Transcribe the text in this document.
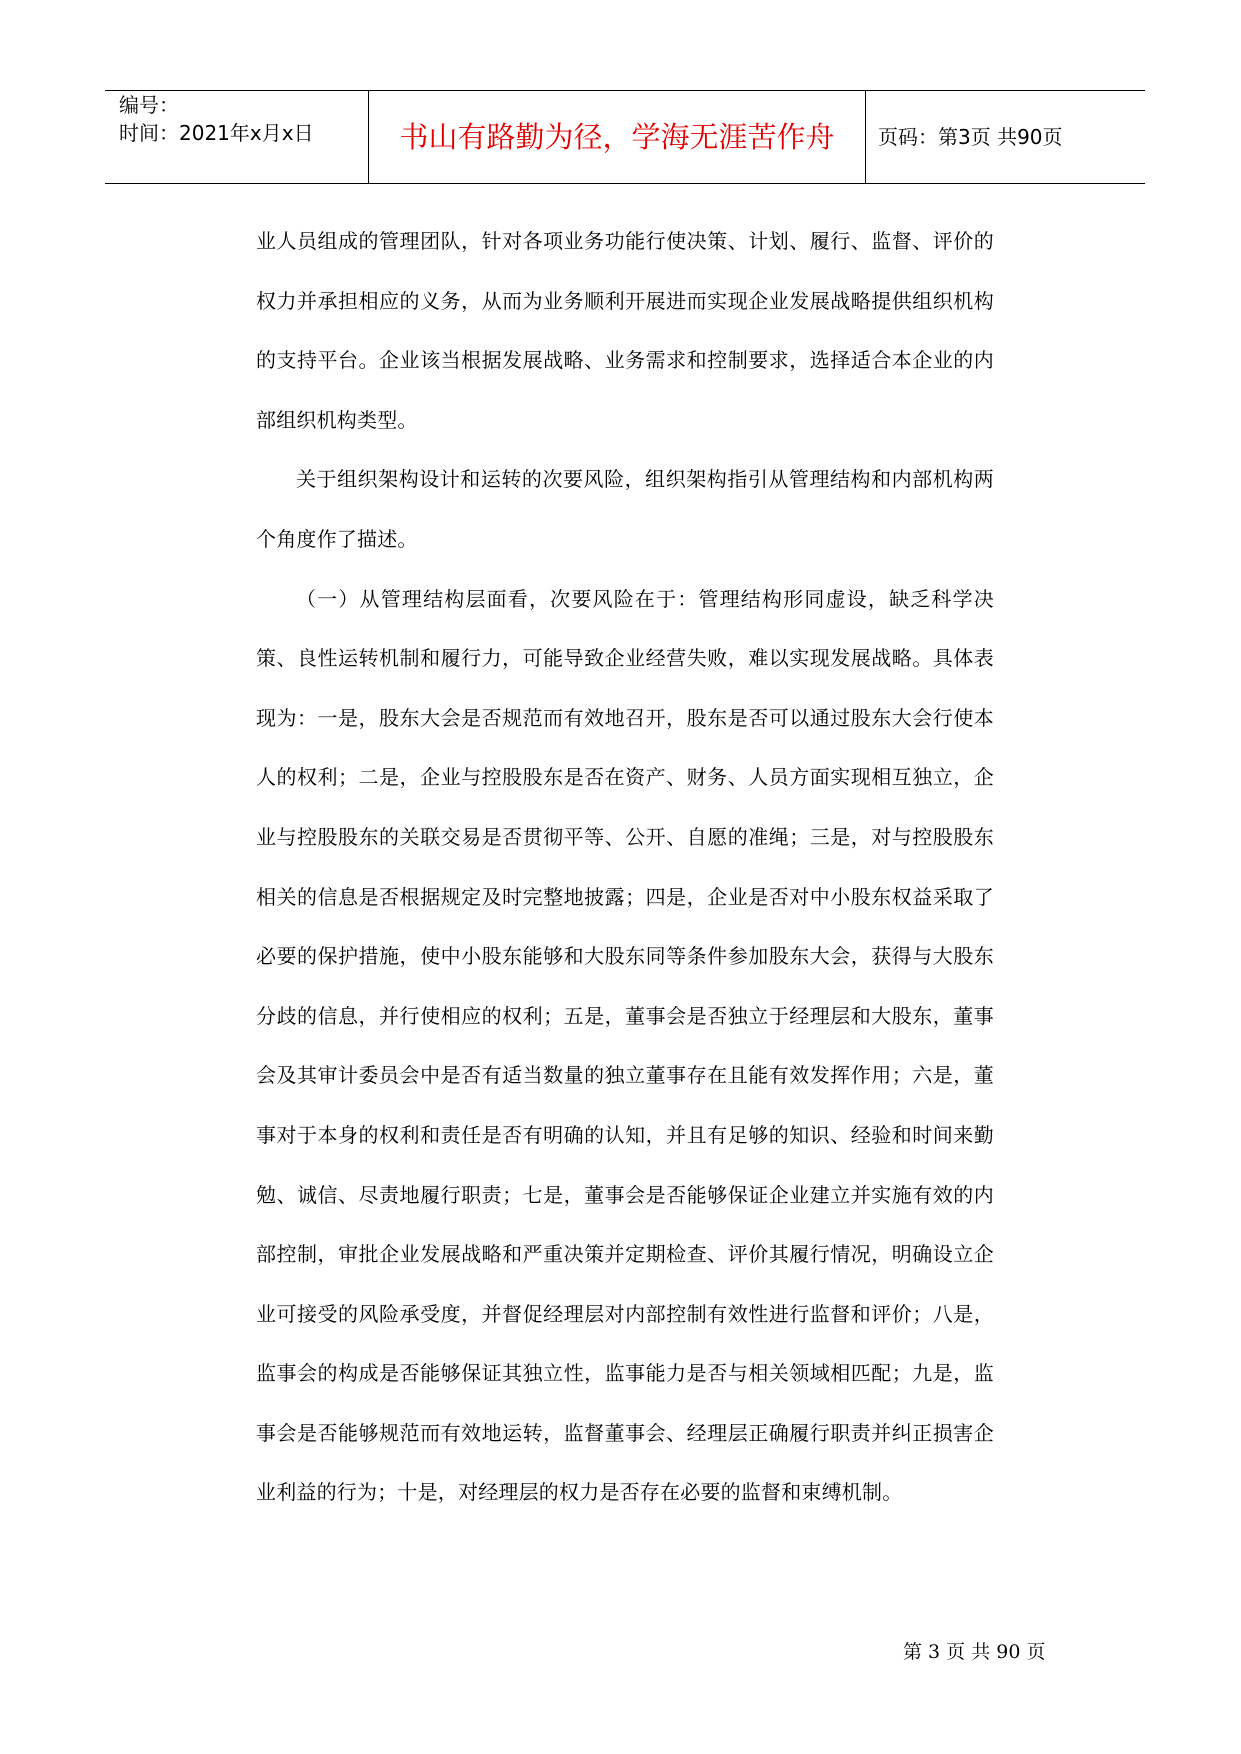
编号：
时间：2021年x月x日	书山有路勤为径，学海无涯苦作舟	页码：第3页 共90页

业人员组成的管理团队，针对各项业务功能行使决策、计划、履行、监督、评价的权力并承担相应的义务，从而为业务顺利开展进而实现企业发展战略提供组织机构的支持平台。企业该当根据发展战略、业务需求和控制要求，选择适合本企业的内部组织机构类型。

关于组织架构设计和运转的次要风险，组织架构指引从管理结构和内部机构两个角度作了描述。

（一）从管理结构层面看，次要风险在于：管理结构形同虚设，缺乏科学决策、良性运转机制和履行力，可能导致企业经营失败，难以实现发展战略。具体表现为：一是，股东大会是否规范而有效地召开，股东是否可以通过股东大会行使本人的权利；二是，企业与控股股东是否在资产、财务、人员方面实现相互独立，企业与控股股东的关联交易是否贯彻平等、公开、自愿的准绳；三是，对与控股股东相关的信息是否根据规定及时完整地披露；四是，企业是否对中小股东权益采取了必要的保护措施，使中小股东能够和大股东同等条件参加股东大会，获得与大股东分歧的信息，并行使相应的权利；五是，董事会是否独立于经理层和大股东，董事会及其审计委员会中是否有适当数量的独立董事存在且能有效发挥作用；六是，董事对于本身的权利和责任是否有明确的认知，并且有足够的知识、经验和时间来勤勉、诚信、尽责地履行职责；七是，董事会是否能够保证企业建立并实施有效的内部控制，审批企业发展战略和严重决策并定期检查、评价其履行情况，明确设立企业可接受的风险承受度，并督促经理层对内部控制有效性进行监督和评价；八是，监事会的构成是否能够保证其独立性，监事能力是否与相关领域相匹配；九是，监事会是否能够规范而有效地运转，监督董事会、经理层正确履行职责并纠正损害企业利益的行为；十是，对经理层的权力是否存在必要的监督和束缚机制。

第 3 页 共 90 页
